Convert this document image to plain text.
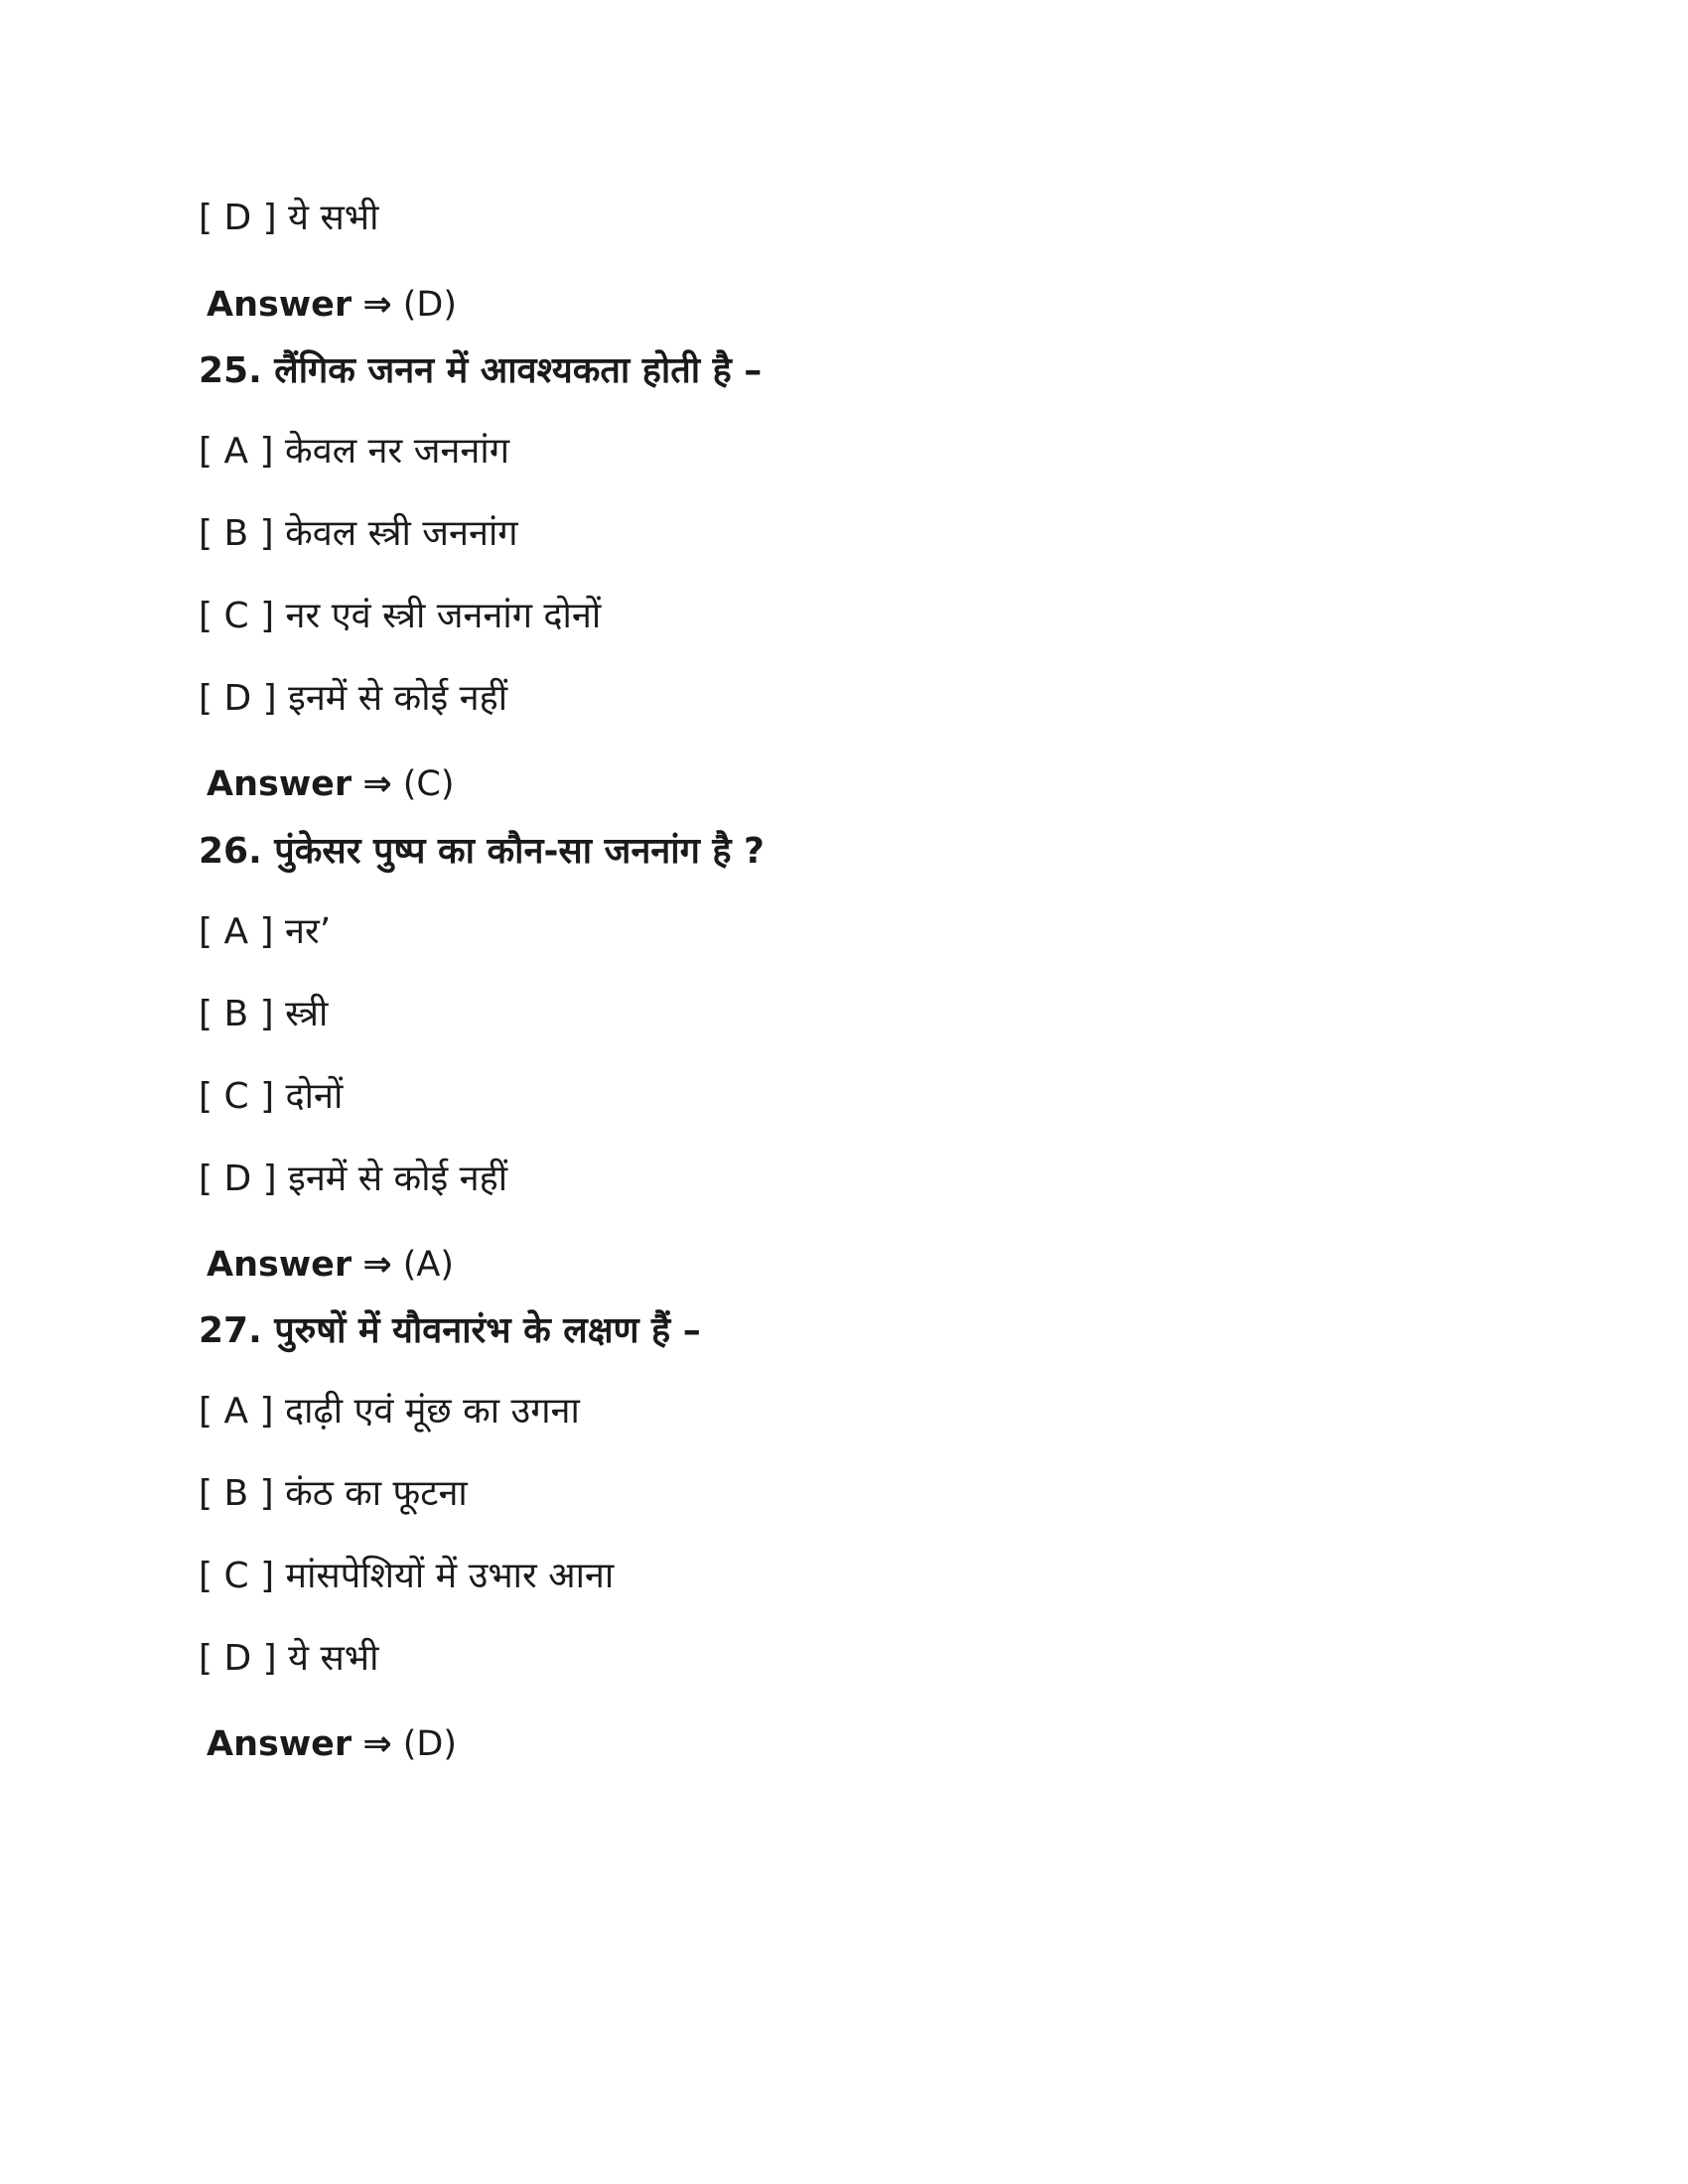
[ D ] ये सभी
Answer ⇒ (D)
25. लैंगिक जनन में आवश्यकता होती है –
[ A ] केवल नर जननांग
[ B ] केवल स्त्री जननांग
[ C ] नर एवं स्त्री जननांग दोनों
[ D ] इनमें से कोई नहीं
Answer ⇒ (C)
26. पुंकेसर पुष्प का कौन-सा जननांग है ?
[ A ] नर’
[ B ] स्त्री
[ C ] दोनों
[ D ] इनमें से कोई नहीं
Answer ⇒ (A)
27. पुरुषों में यौवनारंभ के लक्षण हैं –
[ A ] दाढ़ी एवं मूंछ का उगना
[ B ] कंठ का फूटना
[ C ] मांसपेशियों में उभार आना
[ D ] ये सभी
Answer ⇒ (D)
